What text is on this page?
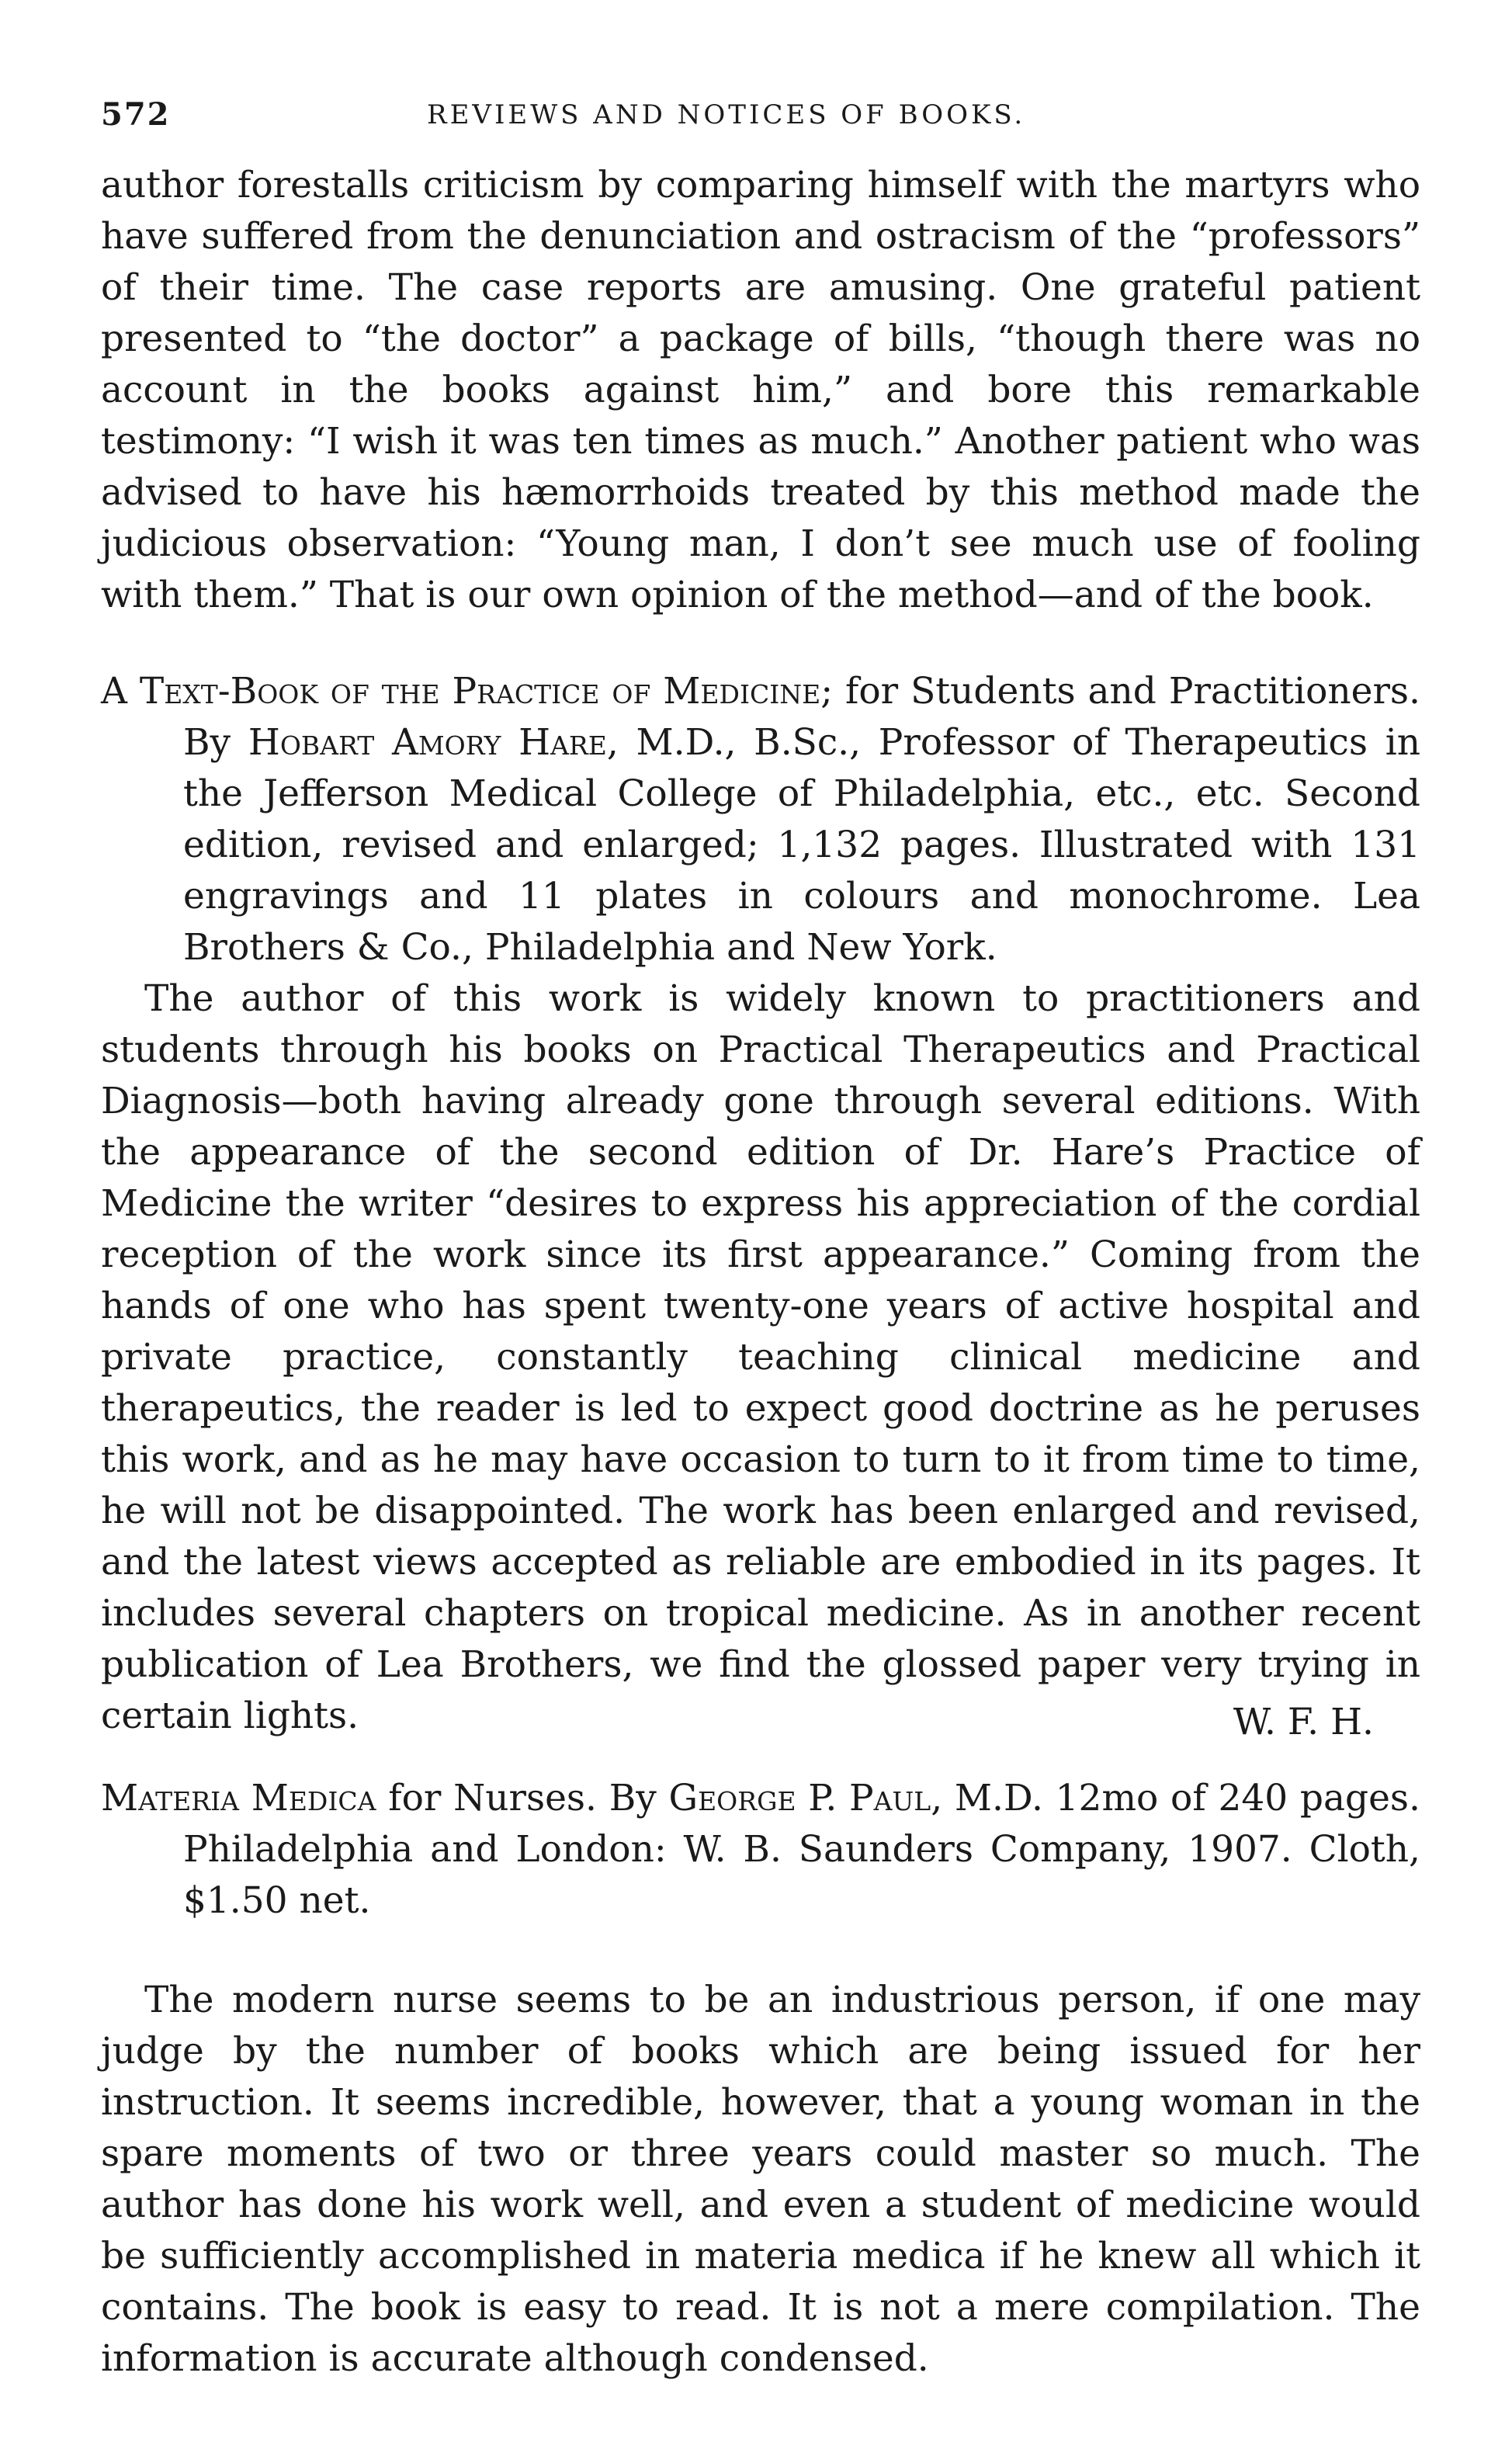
572	REVIEWS AND NOTICES OF BOOKS.

author forestalls criticism by comparing himself with the martyrs who have suffered from the denunciation and ostracism of the “professors” of their time. The case reports are amusing. One grateful patient presented to “the doctor” a package of bills, “though there was no account in the books against him,” and bore this remarkable testimony: “I wish it was ten times as much.” Another patient who was advised to have his hæmorrhoids treated by this method made the judicious observation: “Young man, I don’t see much use of fooling with them.” That is our own opinion of the method—and of the book.

A Text-Book of the Practice of Medicine; for Students and Practitioners. By Hobart Amory Hare, M.D., B.Sc., Professor of Therapeutics in the Jefferson Medical College of Philadelphia, etc., etc. Second edition, revised and enlarged; 1,132 pages. Illustrated with 131 engravings and 11 plates in colours and monochrome. Lea Brothers & Co., Philadelphia and New York.

The author of this work is widely known to practitioners and students through his books on Practical Therapeutics and Practical Diagnosis—both having already gone through several editions. With the appearance of the second edition of Dr. Hare’s Practice of Medicine the writer “desires to express his appreciation of the cordial reception of the work since its first appearance.” Coming from the hands of one who has spent twenty-one years of active hospital and private practice, constantly teaching clinical medicine and therapeutics, the reader is led to expect good doctrine as he peruses this work, and as he may have occasion to turn to it from time to time, he will not be disappointed. The work has been enlarged and revised, and the latest views accepted as reliable are embodied in its pages. It includes several chapters on tropical medicine. As in another recent publication of Lea Brothers, we find the glossed paper very trying in certain lights.	W. F. H.

Materia Medica for Nurses. By George P. Paul, M.D. 12mo of 240 pages. Philadelphia and London: W. B. Saunders Company, 1907. Cloth, $1.50 net.

The modern nurse seems to be an industrious person, if one may judge by the number of books which are being issued for her instruction. It seems incredible, however, that a young woman in the spare moments of two or three years could master so much. The author has done his work well, and even a student of medicine would be sufficiently accomplished in materia medica if he knew all which it contains. The book is easy to read. It is not a mere compilation. The information is accurate although condensed.
